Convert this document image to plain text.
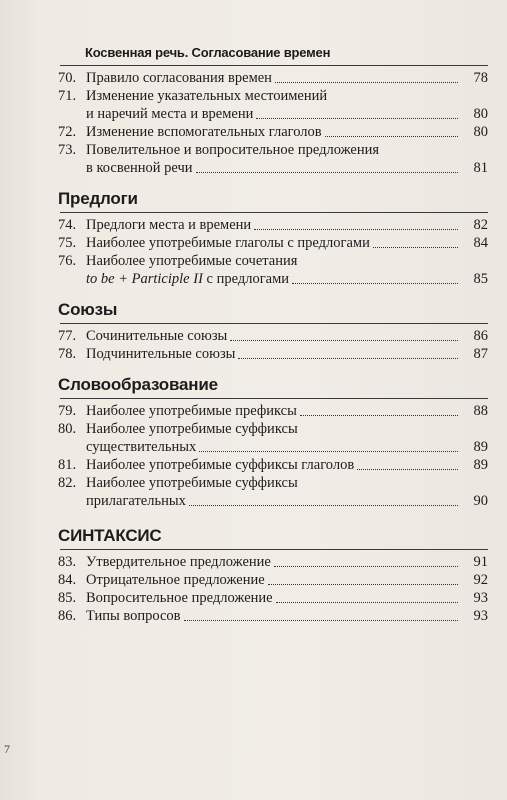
Косвенная речь. Согласование времен
70. Правило согласования времен	78
71. Изменение указательных местоимений
и наречий места и времени	80
72. Изменение вспомогательных глаголов	80
73. Повелительное и вопросительное предложения
в косвенной речи	81
Предлоги
74. Предлоги места и времени	82
75. Наиболее употребимые глаголы с предлогами	84
76. Наиболее употребимые сочетания
to be + Participle II с предлогами	85
Союзы
77. Сочинительные союзы	86
78. Подчинительные союзы	87
Словообразование
79. Наиболее употребимые префиксы	88
80. Наиболее употребимые суффиксы
существительных	89
81. Наиболее употребимые суффиксы глаголов	89
82. Наиболее употребимые суффиксы
прилагательных	90
СИНТАКСИС
83. Утвердительное предложение	91
84. Отрицательное предложение	92
85. Вопросительное предложение	93
86. Типы вопросов	93
7
